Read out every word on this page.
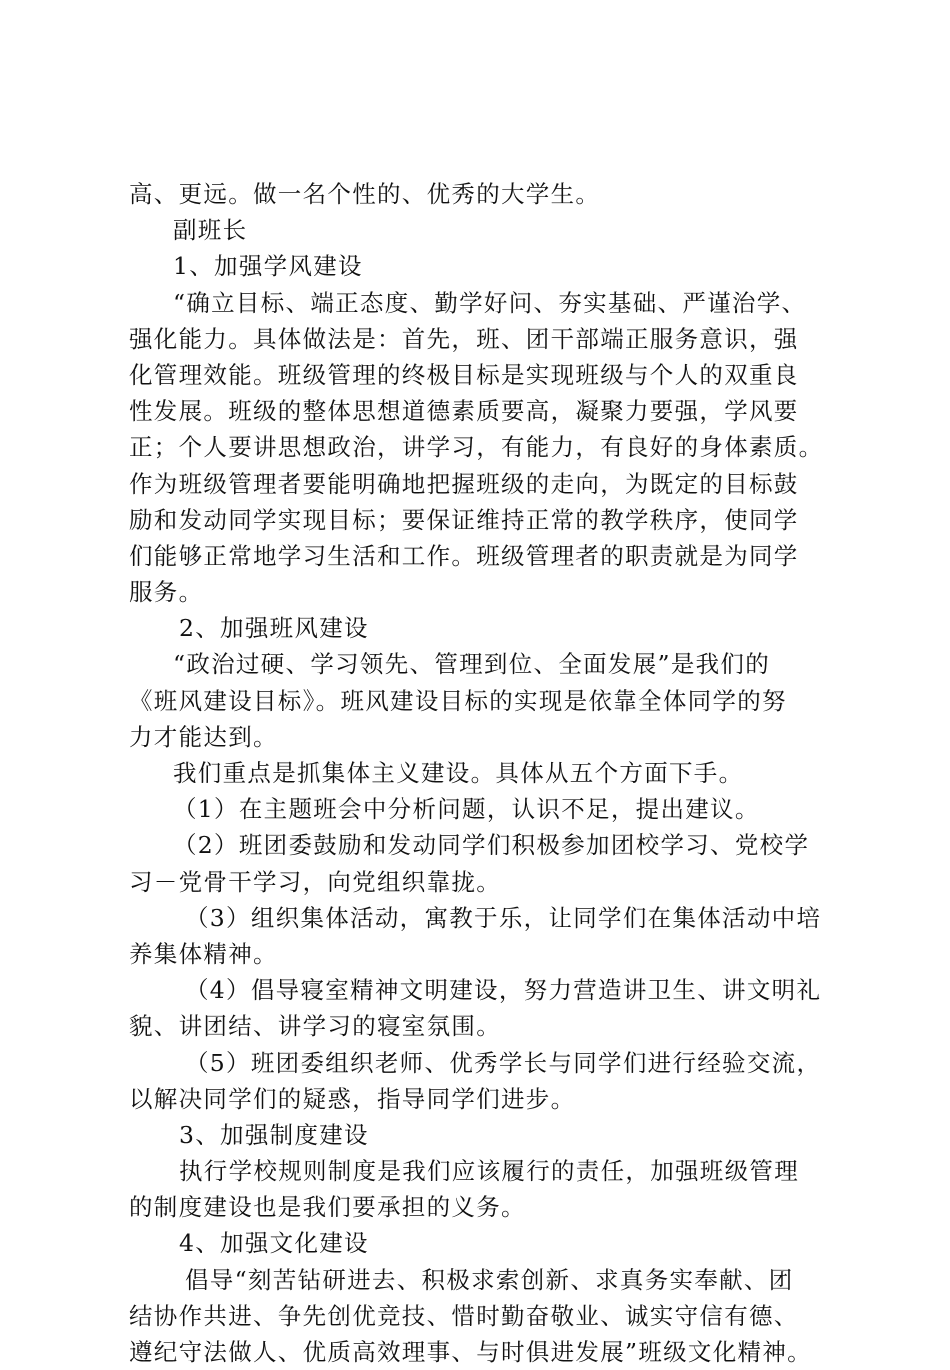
高、更远。做一名个性的、优秀的大学生。
副班长
1、加强学风建设
“确立目标、端正态度、勤学好问、夯实基础、严谨治学、
强化能力。具体做法是：首先，班、团干部端正服务意识，强
化管理效能。班级管理的终极目标是实现班级与个人的双重良
性发展。班级的整体思想道德素质要高，凝聚力要强，学风要
正；个人要讲思想政治，讲学习，有能力，有良好的身体素质。
作为班级管理者要能明确地把握班级的走向，为既定的目标鼓
励和发动同学实现目标；要保证维持正常的教学秩序，使同学
们能够正常地学习生活和工作。班级管理者的职责就是为同学
服务。
2、加强班风建设
“政治过硬、学习领先、管理到位、全面发展”是我们的
《班风建设目标》。班风建设目标的实现是依靠全体同学的努
力才能达到。
我们重点是抓集体主义建设。具体从五个方面下手。
（1）在主题班会中分析问题，认识不足，提出建议。
（2）班团委鼓励和发动同学们积极参加团校学习、党校学
习－党骨干学习，向党组织靠拢。
（3）组织集体活动，寓教于乐，让同学们在集体活动中培
养集体精神。
（4）倡导寝室精神文明建设，努力营造讲卫生、讲文明礼
貌、讲团结、讲学习的寝室氛围。
（5）班团委组织老师、优秀学长与同学们进行经验交流，
以解决同学们的疑惑，指导同学们进步。
3、加强制度建设
执行学校规则制度是我们应该履行的责任，加强班级管理
的制度建设也是我们要承担的义务。
4、加强文化建设
倡导“刻苦钻研进去、积极求索创新、求真务实奉献、团
结协作共进、争先创优竞技、惜时勤奋敬业、诚实守信有德、
遵纪守法做人、优质高效理事、与时俱进发展”班级文化精神。
